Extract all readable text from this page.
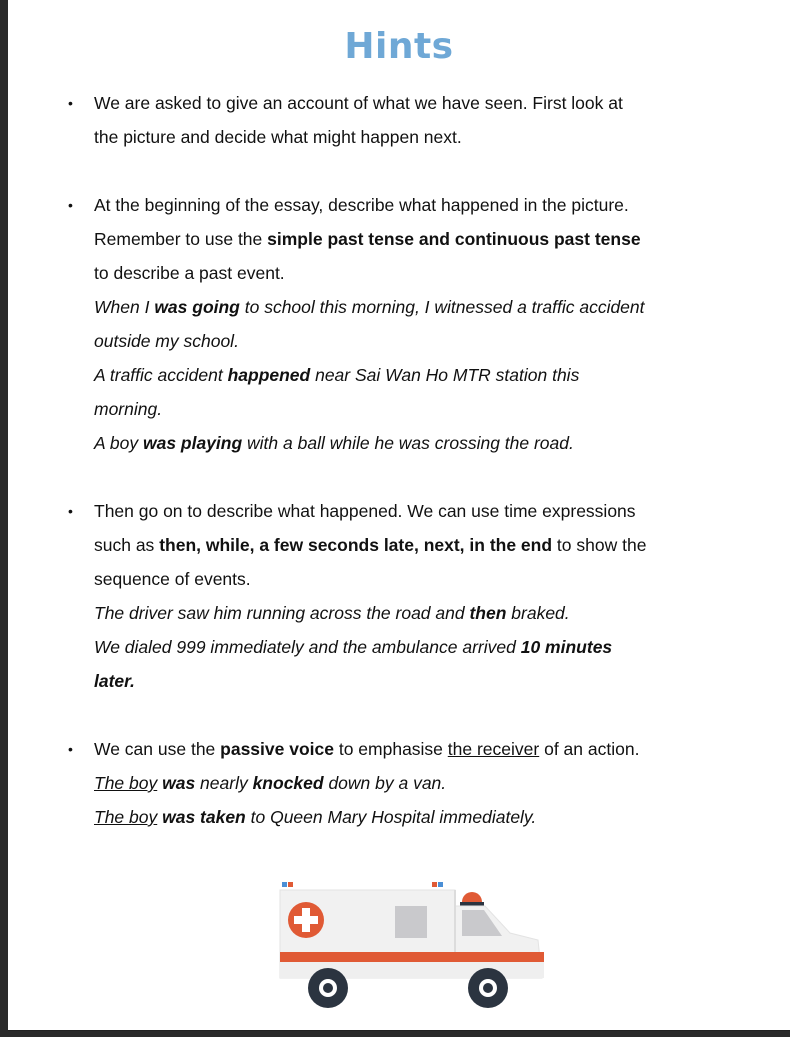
Hints
• We are asked to give an account of what we have seen. First look at
the picture and decide what might happen next.
• At the beginning of the essay, describe what happened in the picture.
Remember to use the simple past tense and continuous past tense
to describe a past event.
When I was going to school this morning, I witnessed a traffic accident
outside my school.
A traffic accident happened near Sai Wan Ho MTR station this
morning.
A boy was playing with a ball while he was crossing the road.
• Then go on to describe what happened. We can use time expressions
such as then, while, a few seconds late, next, in the end to show the
sequence of events.
The driver saw him running across the road and then braked.
We dialed 999 immediately and the ambulance arrived 10 minutes
later.
• We can use the passive voice to emphasise the receiver of an action.
The boy was nearly knocked down by a van.
The boy was taken to Queen Mary Hospital immediately.
